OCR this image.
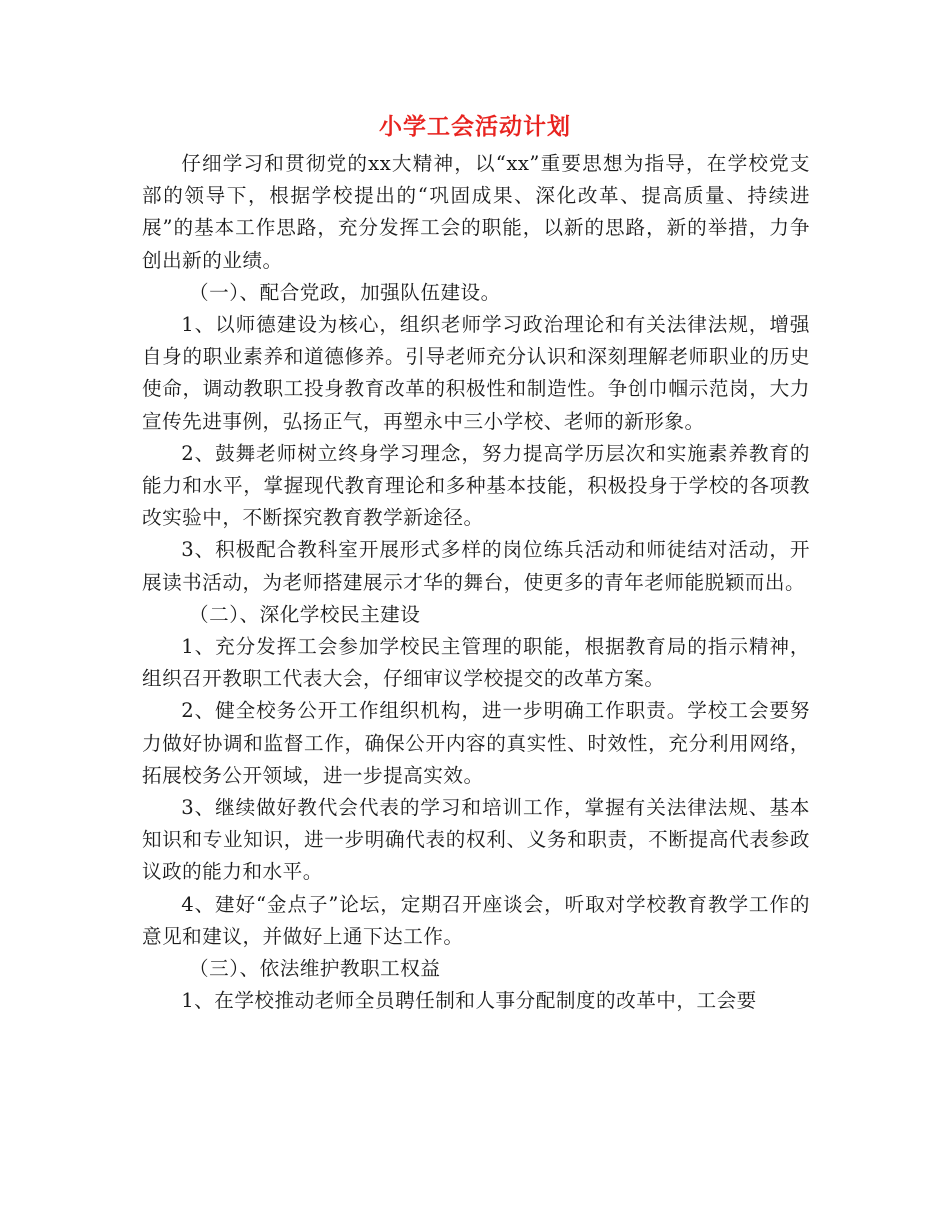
小学工会活动计划

仔细学习和贯彻党的xx大精神，以“xx”重要思想为指导，在学校党支部的领导下，根据学校提出的“巩固成果、深化改革、提高质量、持续进展”的基本工作思路，充分发挥工会的职能，以新的思路，新的举措，力争创出新的业绩。

（一）、配合党政，加强队伍建设。

1、以师德建设为核心，组织老师学习政治理论和有关法律法规，增强自身的职业素养和道德修养。引导老师充分认识和深刻理解老师职业的历史使命，调动教职工投身教育改革的积极性和制造性。争创巾帼示范岗，大力宣传先进事例，弘扬正气，再塑永中三小学校、老师的新形象。

2、鼓舞老师树立终身学习理念，努力提高学历层次和实施素养教育的能力和水平，掌握现代教育理论和多种基本技能，积极投身于学校的各项教改实验中，不断探究教育教学新途径。

3、积极配合教科室开展形式多样的岗位练兵活动和师徒结对活动，开展读书活动，为老师搭建展示才华的舞台，使更多的青年老师能脱颖而出。

（二）、深化学校民主建设

1、充分发挥工会参加学校民主管理的职能，根据教育局的指示精神，组织召开教职工代表大会，仔细审议学校提交的改革方案。

2、健全校务公开工作组织机构，进一步明确工作职责。学校工会要努力做好协调和监督工作，确保公开内容的真实性、时效性，充分利用网络，拓展校务公开领域，进一步提高实效。

3、继续做好教代会代表的学习和培训工作，掌握有关法律法规、基本知识和专业知识，进一步明确代表的权利、义务和职责，不断提高代表参政议政的能力和水平。

4、建好“金点子”论坛，定期召开座谈会，听取对学校教育教学工作的意见和建议，并做好上通下达工作。

（三）、依法维护教职工权益

1、在学校推动老师全员聘任制和人事分配制度的改革中，工会要
